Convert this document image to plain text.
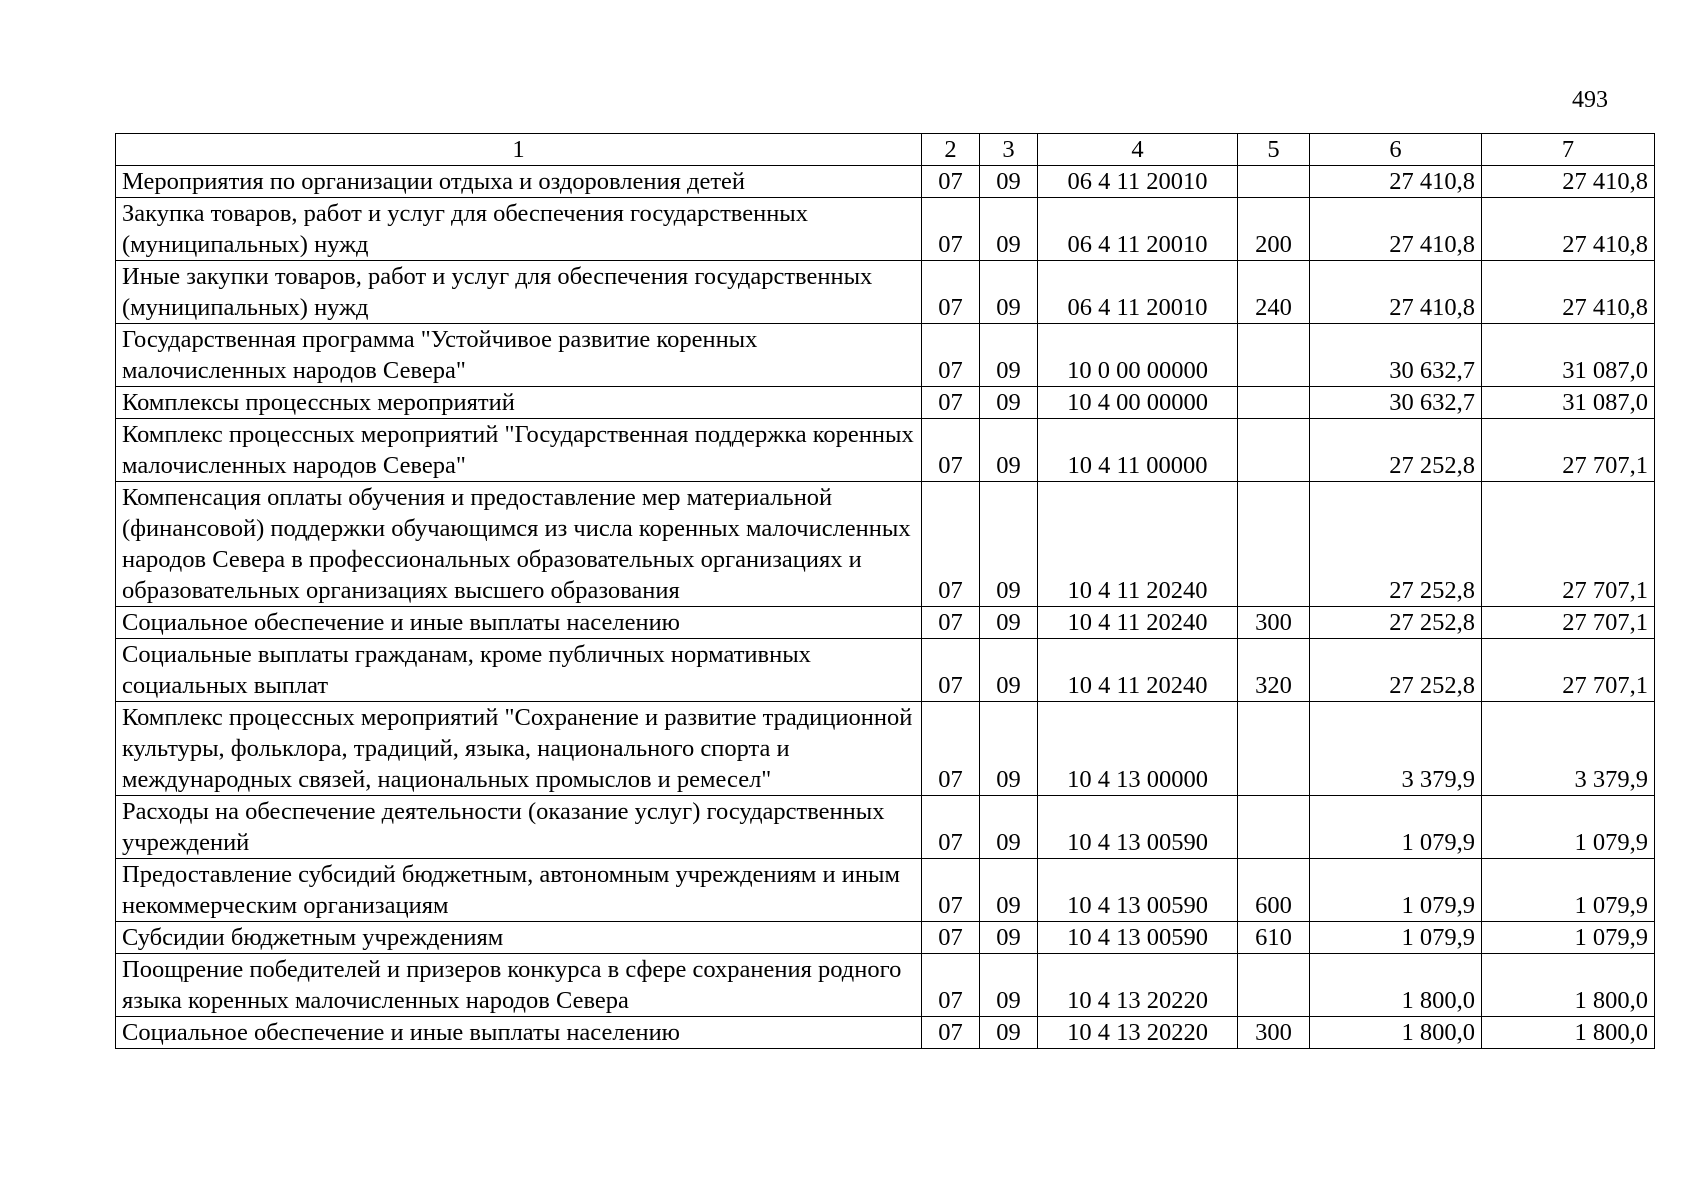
493
1	2	3	4	5	6	7
Мероприятия по организации отдыха и оздоровления детей	07	09	06 4 11 20010		27 410,8	27 410,8
Закупка товаров, работ и услуг для обеспечения государственных (муниципальных) нужд	07	09	06 4 11 20010	200	27 410,8	27 410,8
Иные закупки товаров, работ и услуг для обеспечения государственных (муниципальных) нужд	07	09	06 4 11 20010	240	27 410,8	27 410,8
Государственная программа "Устойчивое развитие коренных малочисленных народов Севера"	07	09	10 0 00 00000		30 632,7	31 087,0
Комплексы процессных мероприятий	07	09	10 4 00 00000		30 632,7	31 087,0
Комплекс процессных мероприятий "Государственная поддержка коренных малочисленных народов Севера"	07	09	10 4 11 00000		27 252,8	27 707,1
Компенсация оплаты обучения и предоставление мер материальной (финансовой) поддержки обучающимся из числа коренных малочисленных народов Севера в профессиональных образовательных организациях и образовательных организациях высшего образования	07	09	10 4 11 20240		27 252,8	27 707,1
Социальное обеспечение и иные выплаты населению	07	09	10 4 11 20240	300	27 252,8	27 707,1
Социальные выплаты гражданам, кроме публичных нормативных социальных выплат	07	09	10 4 11 20240	320	27 252,8	27 707,1
Комплекс процессных мероприятий "Сохранение и развитие традиционной культуры, фольклора, традиций, языка, национального спорта и международных связей, национальных промыслов и ремесел"	07	09	10 4 13 00000		3 379,9	3 379,9
Расходы на обеспечение деятельности (оказание услуг) государственных учреждений	07	09	10 4 13 00590		1 079,9	1 079,9
Предоставление субсидий бюджетным, автономным учреждениям и иным некоммерческим организациям	07	09	10 4 13 00590	600	1 079,9	1 079,9
Субсидии бюджетным учреждениям	07	09	10 4 13 00590	610	1 079,9	1 079,9
Поощрение победителей и призеров конкурса в сфере сохранения родного языка коренных малочисленных народов Севера	07	09	10 4 13 20220		1 800,0	1 800,0
Социальное обеспечение и иные выплаты населению	07	09	10 4 13 20220	300	1 800,0	1 800,0
